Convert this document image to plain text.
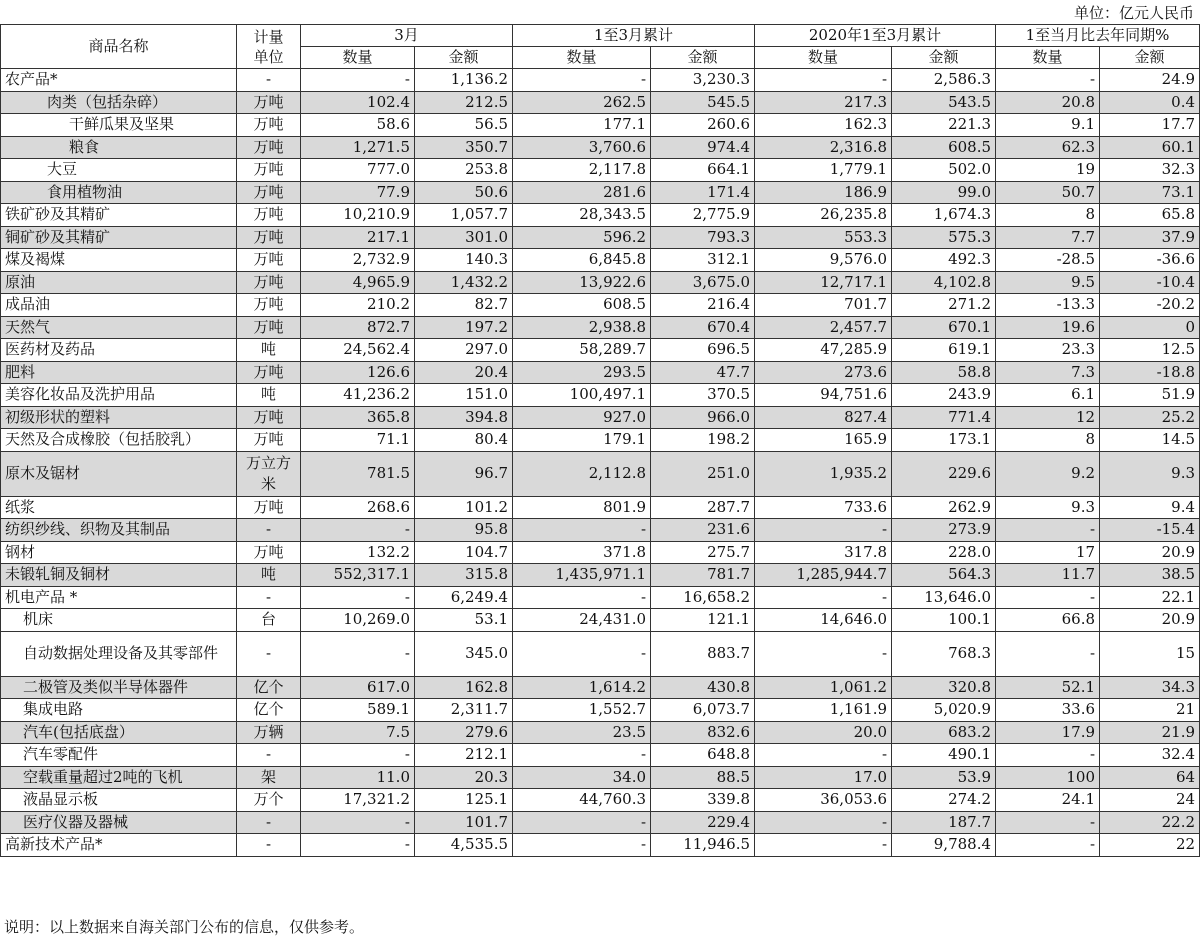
单位：亿元人民币
商品名称	计量单位	3月		1至3月累计		2020年1至3月累计		1至当月比去年同期%	
		数量	金额	数量	金额	数量	金额	数量	金额
农产品*	-	-	1,136.2	-	3,230.3	-	2,586.3	-	24.9
肉类（包括杂碎）	万吨	102.4	212.5	262.5	545.5	217.3	543.5	20.8	0.4
干鲜瓜果及坚果	万吨	58.6	56.5	177.1	260.6	162.3	221.3	9.1	17.7
粮食	万吨	1,271.5	350.7	3,760.6	974.4	2,316.8	608.5	62.3	60.1
大豆	万吨	777.0	253.8	2,117.8	664.1	1,779.1	502.0	19	32.3
食用植物油	万吨	77.9	50.6	281.6	171.4	186.9	99.0	50.7	73.1
铁矿砂及其精矿	万吨	10,210.9	1,057.7	28,343.5	2,775.9	26,235.8	1,674.3	8	65.8
铜矿砂及其精矿	万吨	217.1	301.0	596.2	793.3	553.3	575.3	7.7	37.9
煤及褐煤	万吨	2,732.9	140.3	6,845.8	312.1	9,576.0	492.3	-28.5	-36.6
原油	万吨	4,965.9	1,432.2	13,922.6	3,675.0	12,717.1	4,102.8	9.5	-10.4
成品油	万吨	210.2	82.7	608.5	216.4	701.7	271.2	-13.3	-20.2
天然气	万吨	872.7	197.2	2,938.8	670.4	2,457.7	670.1	19.6	0
医药材及药品	吨	24,562.4	297.0	58,289.7	696.5	47,285.9	619.1	23.3	12.5
肥料	万吨	126.6	20.4	293.5	47.7	273.6	58.8	7.3	-18.8
美容化妆品及洗护用品	吨	41,236.2	151.0	100,497.1	370.5	94,751.6	243.9	6.1	51.9
初级形状的塑料	万吨	365.8	394.8	927.0	966.0	827.4	771.4	12	25.2
天然及合成橡胶（包括胶乳）	万吨	71.1	80.4	179.1	198.2	165.9	173.1	8	14.5
原木及锯材	万立方米	781.5	96.7	2,112.8	251.0	1,935.2	229.6	9.2	9.3
纸浆	万吨	268.6	101.2	801.9	287.7	733.6	262.9	9.3	9.4
纺织纱线、织物及其制品	-	-	95.8	-	231.6	-	273.9	-	-15.4
钢材	万吨	132.2	104.7	371.8	275.7	317.8	228.0	17	20.9
未锻轧铜及铜材	吨	552,317.1	315.8	1,435,971.1	781.7	1,285,944.7	564.3	11.7	38.5
机电产品 *	-	-	6,249.4	-	16,658.2	-	13,646.0	-	22.1
机床	台	10,269.0	53.1	24,431.0	121.1	14,646.0	100.1	66.8	20.9
自动数据处理设备及其零部件	-	-	345.0	-	883.7	-	768.3	-	15
二极管及类似半导体器件	亿个	617.0	162.8	1,614.2	430.8	1,061.2	320.8	52.1	34.3
集成电路	亿个	589.1	2,311.7	1,552.7	6,073.7	1,161.9	5,020.9	33.6	21
汽车(包括底盘）	万辆	7.5	279.6	23.5	832.6	20.0	683.2	17.9	21.9
汽车零配件	-	-	212.1	-	648.8	-	490.1	-	32.4
空载重量超过2吨的飞机	架	11.0	20.3	34.0	88.5	17.0	53.9	100	64
液晶显示板	万个	17,321.2	125.1	44,760.3	339.8	36,053.6	274.2	24.1	24
医疗仪器及器械	-	-	101.7	-	229.4	-	187.7	-	22.2
高新技术产品*	-	-	4,535.5	-	11,946.5	-	9,788.4	-	22
说明：以上数据来自海关部门公布的信息，仅供参考。
